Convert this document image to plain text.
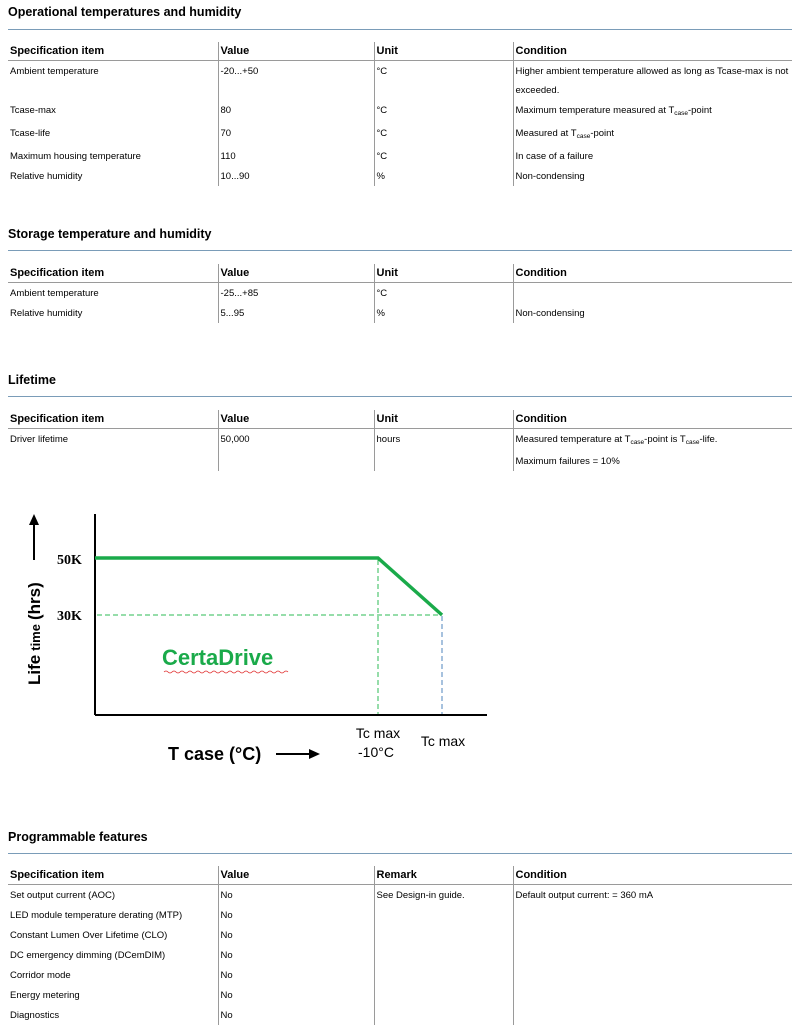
Operational temperatures and humidity
Specification item	Value	Unit	Condition
Ambient temperature	-20...+50	°C	Higher ambient temperature allowed as long as Tcase-max is not
exceeded.

Tcase-max	80	°C	Maximum temperature measured at $T_{case}$-point
Tcase-life	70	°C	Measured at $T_{case}$-point
Maximum housing temperature	110	°C	In case of a failure
Relative humidity	10...90	%	Non-condensing
Storage temperature and humidity
Specification item	Value	Unit	Condition
Ambient temperature	-25...+85	°C	
Relative humidity	5...95	%	Non-condensing
Lifetime
Specification item	Value	Unit	Condition
Driver lifetime	50,000	hours	Measured temperature at $T_{case}$-point is $T_{case}$-life.
Maximum failures = 10%
Lifetime(hrs)
50K
30K
CertaDrive
Tc max
-10°C
Tc max
T case (°C)
Programmable features
Specification item	Value	Remark	Condition
Set output current (AOC)	No	See Design-in guide.	Default output current: = 360 mA
LED module temperature derating (MTP)	No		
Constant Lumen Over Lifetime (CLO)	No		
DC emergency dimming (DCemDIM)	No		
Corridor mode	No		
Energy metering	No		
Diagnostics	No		
